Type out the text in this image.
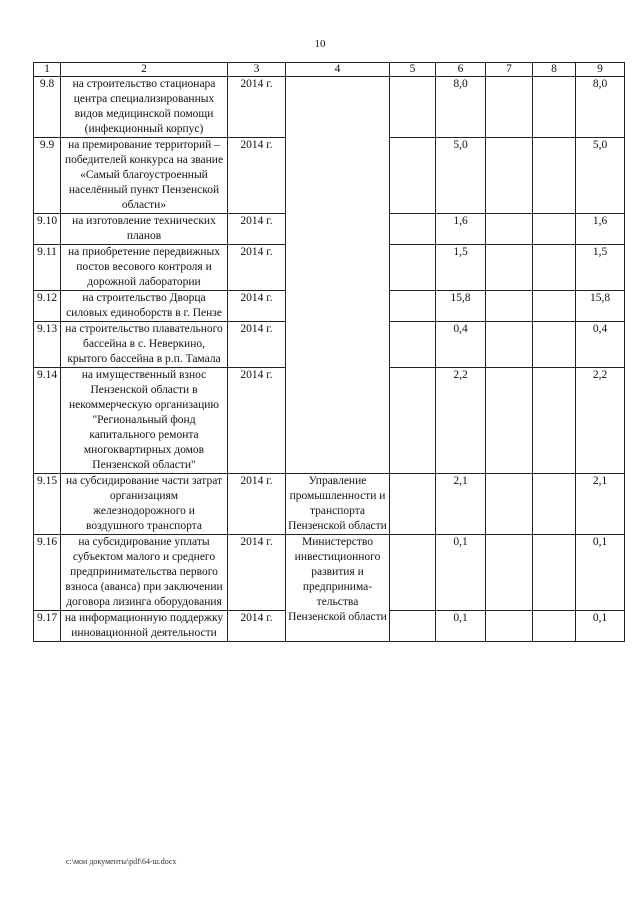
10
1	2	3	4	5	6	7	8	9
9.8	на строительство стационара центра специализированных видов медицинской помощи (инфекционный корпус)	2014 г.			8,0			8,0
9.9	на премирование территорий – победителей конкурса на звание «Самый благоустроенный населённый пункт Пензенской области»	2014 г.			5,0			5,0
9.10	на изготовление технических планов	2014 г.			1,6			1,6
9.11	на приобретение передвижных постов весового контроля и дорожной лаборатории	2014 г.			1,5			1,5
9.12	на строительство Дворца силовых единоборств в г. Пензе	2014 г.			15,8			15,8
9.13	на строительство плавательного бассейна в с. Неверкино, крытого бассейна в р.п. Тамала	2014 г.			0,4			0,4
9.14	на имущественный взнос Пензенской области в некоммерческую организацию "Региональный фонд капитального ремонта многоквартирных домов Пензенской области"	2014 г.			2,2			2,2
9.15	на субсидирование части затрат организациям железнодорожного и воздушного транспорта	2014 г.	Управление промышленности и транспорта Пензенской области		2,1			2,1
9.16	на субсидирование уплаты субъектом малого и среднего предпринимательства первого взноса (аванса) при заключении договора лизинга оборудования	2014 г.	Министерство инвестиционного развития и предпринима-тельства Пензенской области		0,1			0,1
9.17	на информационную поддержку инновационной деятельности	2014 г.			0,1			0,1
c:\мои документы\pdf\64-ш.docx
